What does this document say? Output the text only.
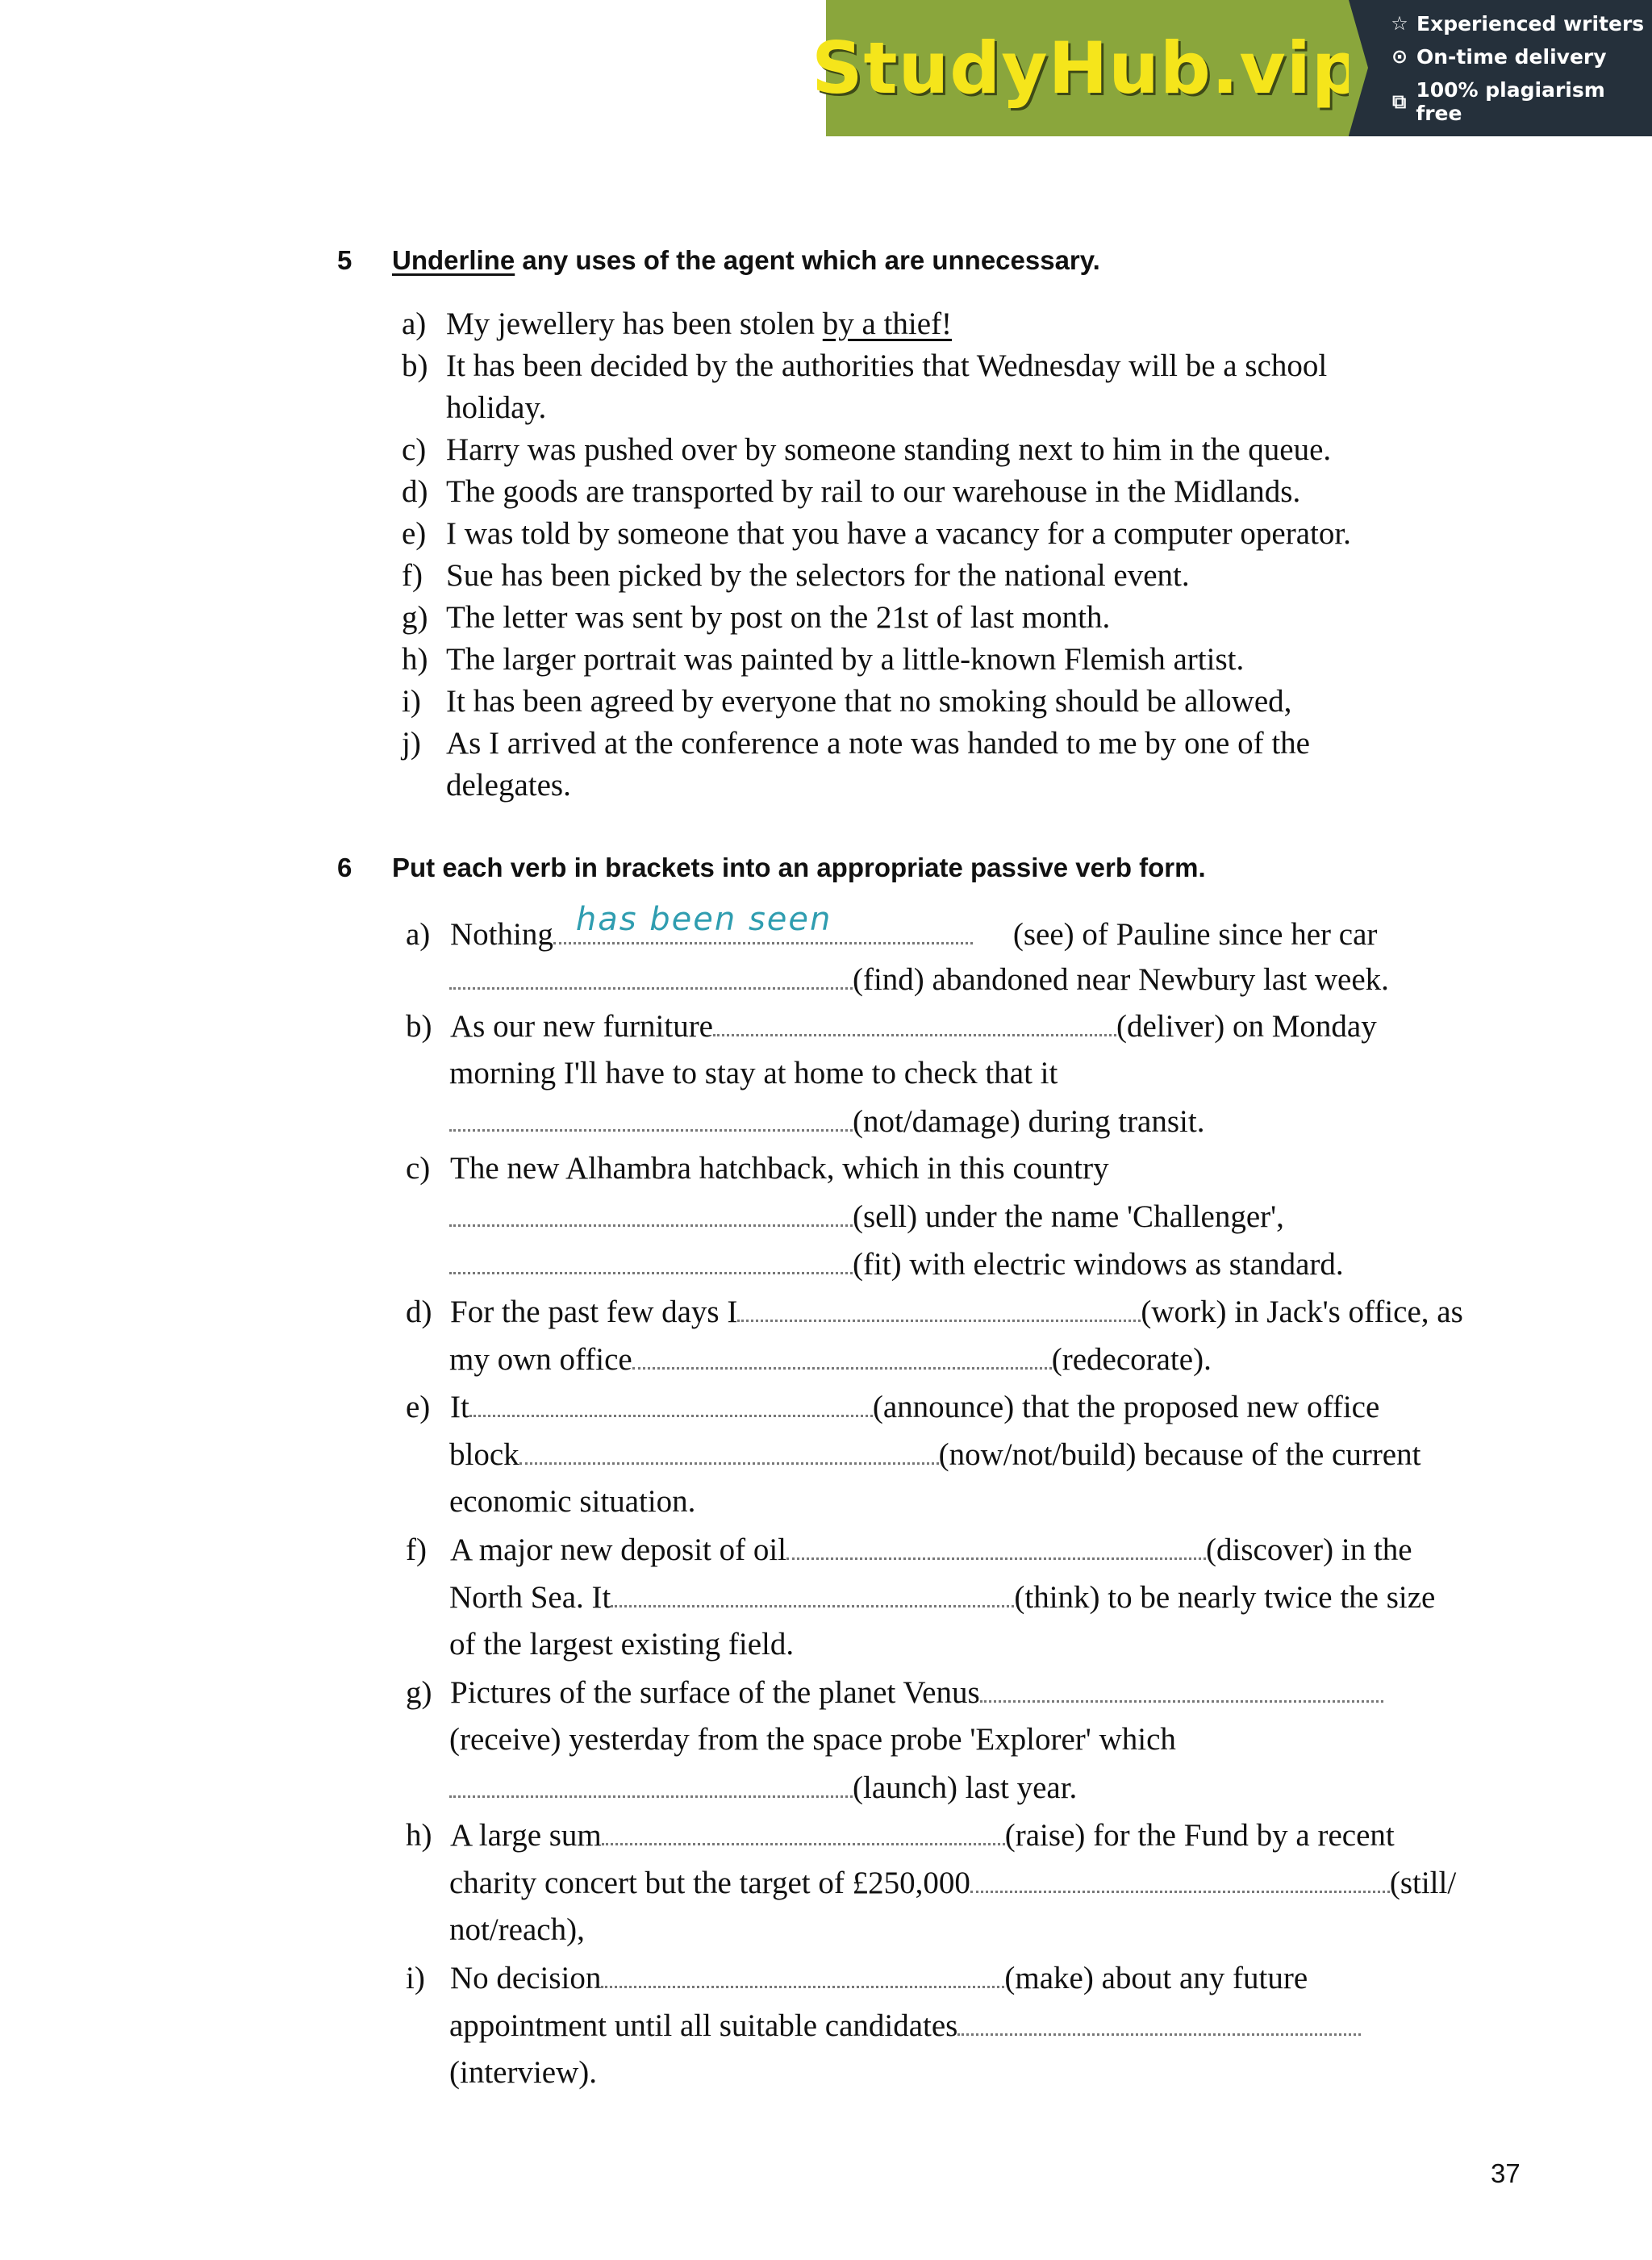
StudyHub.vip
☆ Experienced writers
⊙ On-time delivery
⧉ 100% plagiarism free
5 Underline any uses of the agent which are unnecessary.
a) My jewellery has been stolen by a thief!
b) It has been decided by the authorities that Wednesday will be a school
holiday.
c) Harry was pushed over by someone standing next to him in the queue.
d) The goods are transported by rail to our warehouse in the Midlands.
e) I was told by someone that you have a vacancy for a computer operator.
f) Sue has been picked by the selectors for the national event.
g) The letter was sent by post on the 21st of last month.
h) The larger portrait was painted by a little-known Flemish artist.
i) It has been agreed by everyone that no smoking should be allowed,
j) As I arrived at the conference a note was handed to me by one of the
delegates.
6 Put each verb in brackets into an appropriate passive verb form.
a) Nothing has been seen	(see) of Pauline since her car
(find) abandoned near Newbury last week.
b) As our new furniture	(deliver) on Monday
morning I'll have to stay at home to check that it
(not/damage) during transit.
c) The new Alhambra hatchback, which in this country
(sell) under the name 'Challenger',
(fit) with electric windows as standard.
d) For the past few days I	(work) in Jack's office, as
my own office	(redecorate).
e) It	(announce) that the proposed new office
block	(now/not/build) because of the current
economic situation.
f) A major new deposit of oil	(discover) in the
North Sea. It	(think) to be nearly twice the size
of the largest existing field.
g) Pictures of the surface of the planet Venus
(receive) yesterday from the space probe 'Explorer' which
(launch) last year.
h) A large sum	(raise) for the Fund by a recent
charity concert but the target of £250,000	(still/
not/reach),
i) No decision	(make) about any future
appointment until all suitable candidates
(interview).
37
